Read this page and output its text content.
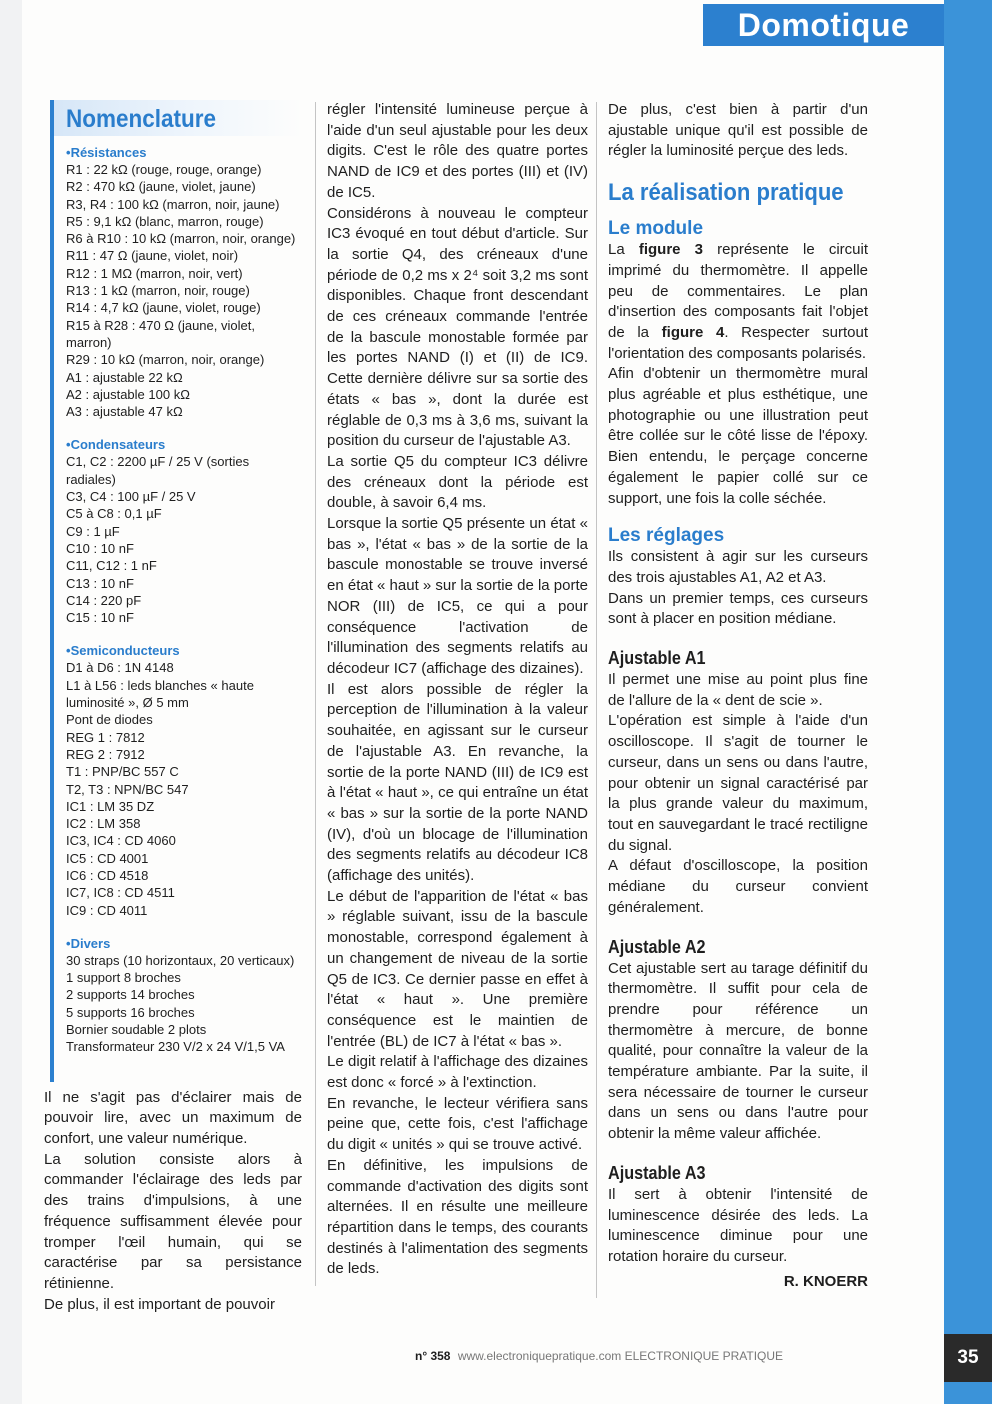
Domotique
Nomenclature
• Résistances
R1 : 22 kΩ (rouge, rouge, orange)
R2 : 470 kΩ (jaune, violet, jaune)
R3, R4 : 100 kΩ (marron, noir, jaune)
R5 : 9,1 kΩ (blanc, marron, rouge)
R6 à R10 : 10 kΩ (marron, noir, orange)
R11 : 47 Ω (jaune, violet, noir)
R12 : 1 MΩ (marron, noir, vert)
R13 : 1 kΩ (marron, noir, rouge)
R14 : 4,7 kΩ (jaune, violet, rouge)
R15 à R28 : 470 Ω (jaune, violet, marron)
R29 : 10 kΩ (marron, noir, orange)
A1 : ajustable 22 kΩ
A2 : ajustable 100 kΩ
A3 : ajustable 47 kΩ
• Condensateurs
C1, C2 : 2200 µF / 25 V (sorties radiales)
C3, C4 : 100 µF / 25 V
C5 à C8 : 0,1 µF
C9 : 1 µF
C10 : 10 nF
C11, C12 : 1 nF
C13 : 10 nF
C14 : 220 pF
C15 : 10 nF
• Semiconducteurs
D1 à D6 : 1N 4148
L1 à L56 : leds blanches « haute luminosité », Ø 5 mm
Pont de diodes
REG 1 : 7812
REG 2 : 7912
T1 : PNP/BC 557 C
T2, T3 : NPN/BC 547
IC1 : LM 35 DZ
IC2 : LM 358
IC3, IC4 : CD 4060
IC5 : CD 4001
IC6 : CD 4518
IC7, IC8 : CD 4511
IC9 : CD 4011
• Divers
30 straps (10 horizontaux, 20 verticaux)
1 support 8 broches
2 supports 14 broches
5 supports 16 broches
Bornier soudable 2 plots
Transformateur 230 V/2 x 24 V/1,5 VA

Il ne s'agit pas d'éclairer mais de pouvoir lire, avec un maximum de confort, une valeur numérique.

La solution consiste alors à commander l'éclairage des leds par des trains d'impulsions, à une fréquence suffisamment élevée pour tromper l'œil humain, qui se caractérise par sa persistance rétinienne.

De plus, il est important de pouvoir

régler l'intensité lumineuse perçue à l'aide d'un seul ajustable pour les deux digits. C'est le rôle des quatre portes NAND de IC9 et des portes (III) et (IV) de IC5.

Considérons à nouveau le compteur IC3 évoqué en tout début d'article. Sur la sortie Q4, des créneaux d'une période de 0,2 ms x 2⁴ soit 3,2 ms sont disponibles. Chaque front descendant de ces créneaux commande l'entrée de la bascule monostable formée par les portes NAND (I) et (II) de IC9. Cette dernière délivre sur sa sortie des états « bas », dont la durée est réglable de 0,3 ms à 3,6 ms, suivant la position du curseur de l'ajustable A3.

La sortie Q5 du compteur IC3 délivre des créneaux dont la période est double, à savoir 6,4 ms.

Lorsque la sortie Q5 présente un état « bas », l'état « bas » de la sortie de la bascule monostable se trouve inversé en état « haut » sur la sortie de la porte NOR (III) de IC5, ce qui a pour conséquence l'activation de l'illumination des segments relatifs au décodeur IC7 (affichage des dizaines).

Il est alors possible de régler la perception de l'illumination à la valeur souhaitée, en agissant sur le curseur de l'ajustable A3. En revanche, la sortie de la porte NAND (III) de IC9 est à l'état « haut », ce qui entraîne un état « bas » sur la sortie de la porte NAND (IV), d'où un blocage de l'illumination des segments relatifs au décodeur IC8 (affichage des unités).

Le début de l'apparition de l'état « bas » réglable suivant, issu de la bascule monostable, correspond également à un changement de niveau de la sortie Q5 de IC3. Ce dernier passe en effet à l'état « haut ». Une première conséquence est le maintien de l'entrée (BL) de IC7 à l'état « bas ».

Le digit relatif à l'affichage des dizaines est donc « forcé » à l'extinction.

En revanche, le lecteur vérifiera sans peine que, cette fois, c'est l'affichage du digit « unités » qui se trouve activé.

En définitive, les impulsions de commande d'activation des digits sont alternées. Il en résulte une meilleure répartition dans le temps, des courants destinés à l'alimentation des segments de leds.

De plus, c'est bien à partir d'un ajustable unique qu'il est possible de régler la luminosité perçue des leds.

La réalisation pratique
Le module

La figure 3 représente le circuit imprimé du thermomètre. Il appelle peu de commentaires. Le plan d'insertion des composants fait l'objet de la figure 4. Respecter surtout l'orientation des composants polarisés.

Afin d'obtenir un thermomètre mural plus agréable et plus esthétique, une photographie ou une illustration peut être collée sur le côté lisse de l'époxy. Bien entendu, le perçage concerne également le papier collé sur ce support, une fois la colle séchée.

Les réglages

Ils consistent à agir sur les curseurs des trois ajustables A1, A2 et A3.

Dans un premier temps, ces curseurs sont à placer en position médiane.

Ajustable A1

Il permet une mise au point plus fine de l'allure de la « dent de scie ».

L'opération est simple à l'aide d'un oscilloscope. Il s'agit de tourner le curseur, dans un sens ou dans l'autre, pour obtenir un signal caractérisé par la plus grande valeur du maximum, tout en sauvegardant le tracé rectiligne du signal.

A défaut d'oscilloscope, la position médiane du curseur convient généralement.

Ajustable A2

Cet ajustable sert au tarage définitif du thermomètre. Il suffit pour cela de prendre pour référence un thermomètre à mercure, de bonne qualité, pour connaître la valeur de la température ambiante. Par la suite, il sera nécessaire de tourner le curseur dans un sens ou dans l'autre pour obtenir la même valeur affichée.

Ajustable A3

Il sert à obtenir l'intensité de luminescence désirée des leds. La luminescence diminue pour une rotation horaire du curseur.

R. KNOERR
n° 358 www.electroniquepratique.com ELECTRONIQUE PRATIQUE	35
